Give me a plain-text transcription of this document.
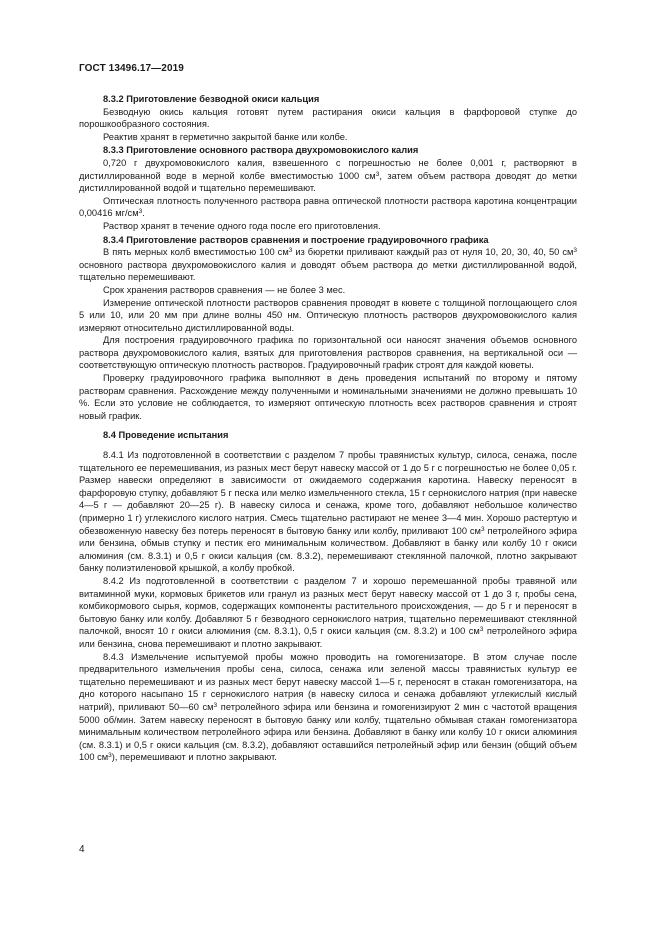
ГОСТ 13496.17—2019

8.3.2 Приготовление безводной окиси кальция

Безводную окись кальция готовят путем растирания окиси кальция в фарфоровой ступке до порошкообразного состояния.

Реактив хранят в герметично закрытой банке или колбе.

8.3.3 Приготовление основного раствора двухромовокислого калия

0,720 г двухромовокислого калия, взвешенного с погрешностью не более 0,001 г, растворяют в дистиллированной воде в мерной колбе вместимостью 1000 $см^3$, затем объем раствора доводят до метки дистиллированной водой и тщательно перемешивают.

Оптическая плотность полученного раствора равна оптической плотности раствора каротина концентрации 0,00416 $мг/см^3$.

Раствор хранят в течение одного года после его приготовления.

8.3.4 Приготовление растворов сравнения и построение градуировочного графика

В пять мерных колб вместимостью 100 $см^3$ из бюретки приливают каждый раз от нуля 10, 20, 30, 40, 50 $см^3$ основного раствора двухромовокислого калия и доводят объем раствора до метки дистиллированной водой, тщательно перемешивают.

Срок хранения растворов сравнения — не более 3 мес.

Измерение оптической плотности растворов сравнения проводят в кювете с толщиной поглощающего слоя 5 или 10, или 20 мм при длине волны 450 нм. Оптическую плотность растворов двухромовокислого калия измеряют относительно дистиллированной воды.

Для построения градуировочного графика по горизонтальной оси наносят значения объемов основного раствора двухромовокислого калия, взятых для приготовления растворов сравнения, на вертикальной оси — соответствующую оптическую плотность растворов. Градуировочный график строят для каждой кюветы.

Проверку градуировочного графика выполняют в день проведения испытаний по второму и пятому растворам сравнения. Расхождение между полученными и номинальными значениями не должно превышать 10 %. Если это условие не соблюдается, то измеряют оптическую плотность всех растворов сравнения и строят новый график.

8.4 Проведение испытания

8.4.1 Из подготовленной в соответствии с разделом 7 пробы травянистых культур, силоса, сенажа, после тщательного ее перемешивания, из разных мест берут навеску массой от 1 до 5 г с погрешностью не более 0,05 г. Размер навески определяют в зависимости от ожидаемого содержания каротина. Навеску переносят в фарфоровую ступку, добавляют 5 г песка или мелко измельченного стекла, 15 г сернокислого натрия (при навеске 4—5 г — добавляют 20—25 г). В навеску силоса и сенажа, кроме того, добавляют небольшое количество (примерно 1 г) углекислого кислого натрия. Смесь тщательно растирают не менее 3—4 мин. Хорошо растертую и обезвоженную навеску без потерь переносят в бытовую банку или колбу, приливают 100 $см^3$ петролейного эфира или бензина, обмыв ступку и пестик его минимальным количеством. Добавляют в банку или колбу 10 г окиси алюминия (см. 8.3.1) и 0,5 г окиси кальция (см. 8.3.2), перемешивают стеклянной палочкой, плотно закрывают банку полиэтиленовой крышкой, а колбу пробкой.

8.4.2 Из подготовленной в соответствии с разделом 7 и хорошо перемешанной пробы травяной или витаминной муки, кормовых брикетов или гранул из разных мест берут навеску массой от 1 до 3 г, пробы сена, комбикормового сырья, кормов, содержащих компоненты растительного происхождения, — до 5 г и переносят в бытовую банку или колбу. Добавляют 5 г безводного сернокислого натрия, тщательно перемешивают стеклянной палочкой, вносят 10 г окиси алюминия (см. 8.3.1), 0,5 г окиси кальция (см. 8.3.2) и 100 $см^3$ петролейного эфира или бензина, снова перемешивают и плотно закрывают.

8.4.3 Измельчение испытуемой пробы можно проводить на гомогенизаторе. В этом случае после предварительного измельчения пробы сена, силоса, сенажа или зеленой массы травянистых культур ее тщательно перемешивают и из разных мест берут навеску массой 1—5 г, переносят в стакан гомогенизатора, на дно которого насыпано 15 г сернокислого натрия (в навеску силоса и сенажа добавляют углекислый кислый натрий), приливают 50—60 $см^3$ петролейного эфира или бензина и гомогенизируют 2 мин с частотой вращения 5000 об/мин. Затем навеску переносят в бытовую банку или колбу, тщательно обмывая стакан гомогенизатора минимальным количеством петролейного эфира или бензина. Добавляют в банку или колбу 10 г окиси алюминия (см. 8.3.1) и 0,5 г окиси кальция (см. 8.3.2), добавляют оставшийся петролейный эфир или бензин (общий объем 100 $см^3$), перемешивают и плотно закрывают.

4
